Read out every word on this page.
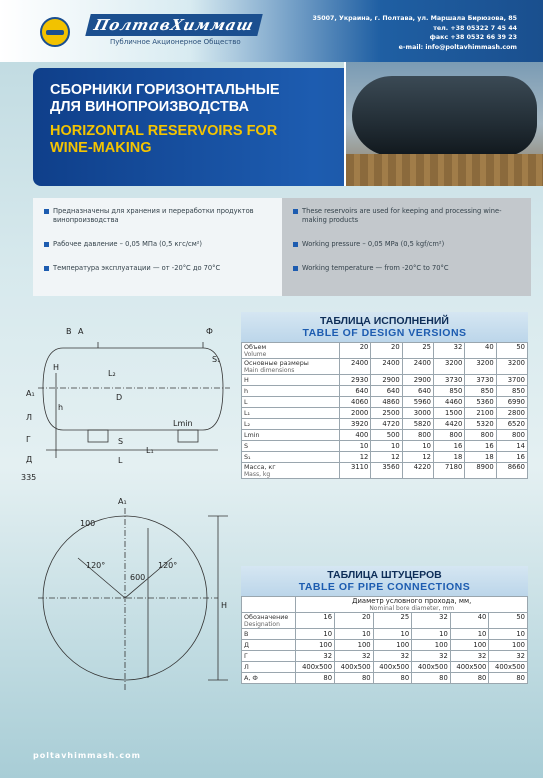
ПолтавХиммаш
Публичное Акционерное Общество
35007, Украина, г. Полтава, ул. Маршала Бирюзова, 85
тел. +38 05322 7 45 44
факс +38 0532 66 39 23
e-mail: info@poltavhimmash.com
СБОРНИКИ ГОРИЗОНТАЛЬНЫЕ
ДЛЯ ВИНОПРОИЗВОДСТВА
HORIZONTAL RESERVOIRS FOR
WINE-MAKING
Предназначены для хранения и переработки продуктов винопроизводства
Рабочее давление – 0,05 МПа (0,5 кгс/см²)
Температура эксплуатации — от -20°С до 70°С
These reservoirs are used for keeping and processing wine-making products
Working pressure – 0,05 MPa (0,5 kgf/cm²)
Working temperature — from -20°C to 70°C
В А	Ф
А₁
Л
Г
Д
S₁
S
L₂
L
L₁
D
h
H
Lmin
335
A₁
600
120°	120°
H
100
ТАБЛИЦА ИСПОЛНЕНИЙ
TABLE OF DESIGN VERSIONS
Объем
Volume	20	20	25	32	40	50
Основные размеры
Main dimensions	2400	2400	2400	3200	3200	3200
H	2930	2900	2900	3730	3730	3700
h	640	640	640	850	850	850
L	4060	4860	5960	4460	5360	6990
L₁	2000	2500	3000	1500	2100	2800
L₂	3920	4720	5820	4420	5320	6520
Lmin	400	500	800	800	800	800
S	10	10	10	16	16	14
S₁	12	12	12	18	18	16
Масса, кг
Mass, kg	3110	3560	4220	7180	8900	8660
ТАБЛИЦА ШТУЦЕРОВ
TABLE OF PIPE CONNECTIONS
	Диаметр условного прохода, мм,
Nominal bore diameter, mm					

Обозначение
Designation	16	20	25	32	40	50
В	10	10	10	10	10	10
Д	100	100	100	100	100	100
Г	32	32	32	32	32	32
Л	400x500	400x500	400x500	400x500	400x500	400x500
А, Ф	80	80	80	80	80	80
poltavhimmash.com
